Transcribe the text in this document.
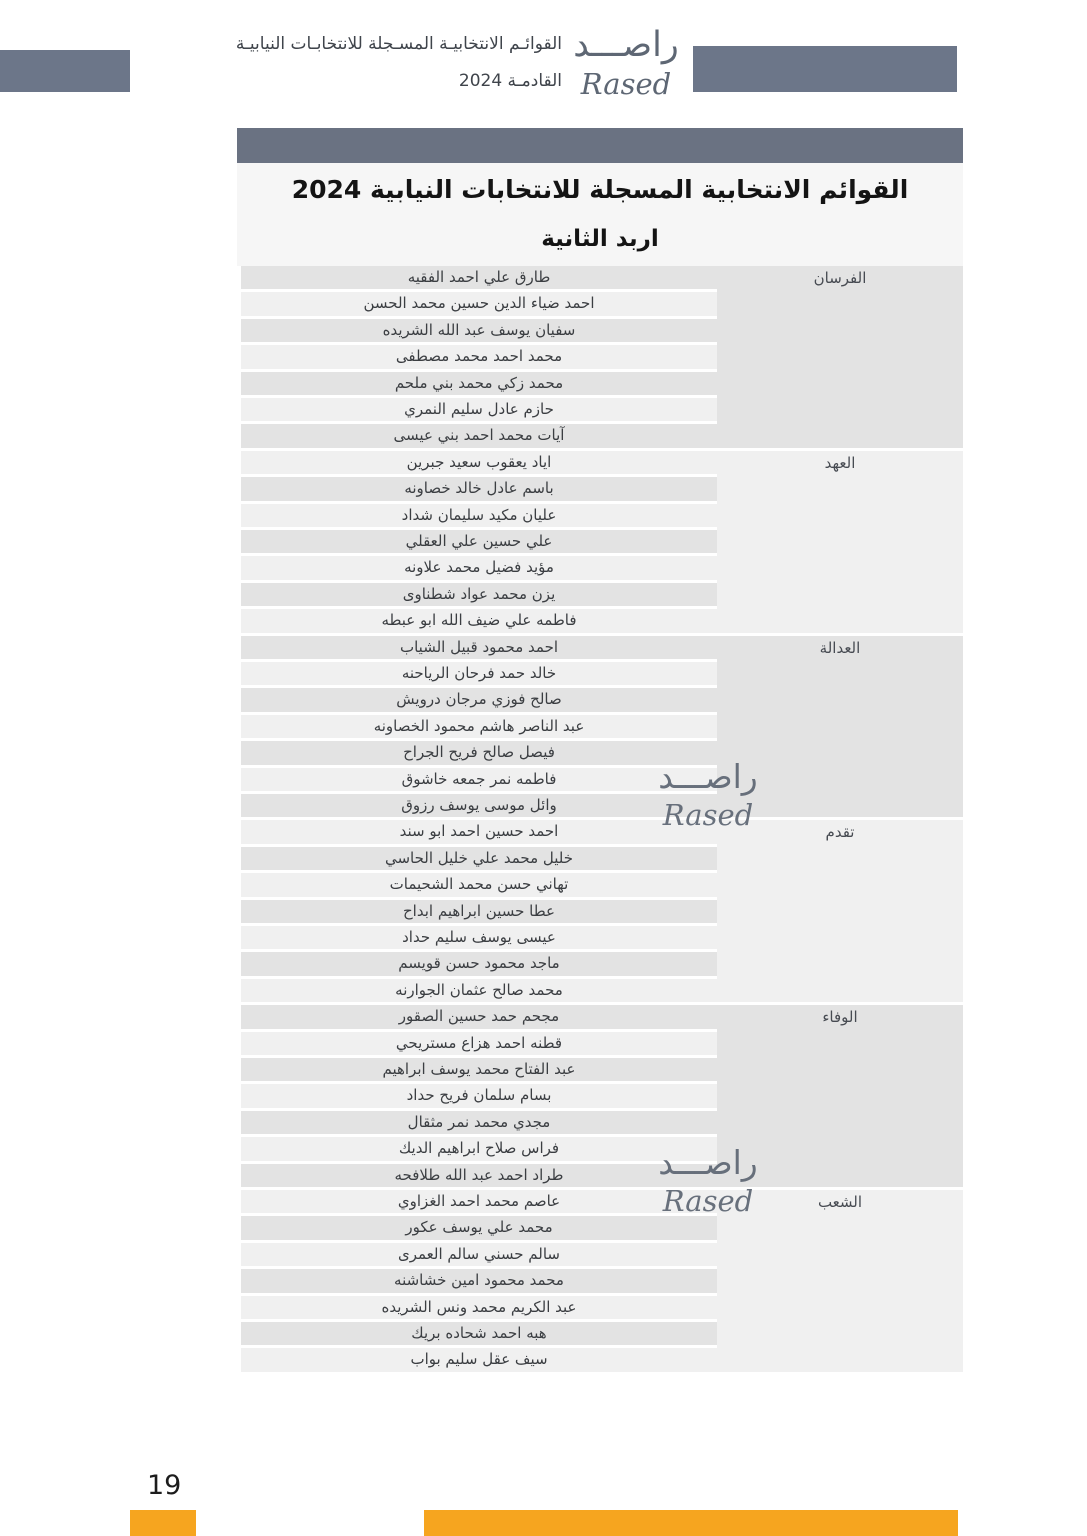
القوائـم الانتخابيـة المسـجلة للانتخابـات النيابيـة
القادمـة 2024
راصـــد
Rased
القوائم الانتخابية المسجلة للانتخابات النيابية 2024
اربد الثانية
طارق علي احمد الفقيه
احمد ضياء الدين حسين محمد الحسن
سفيان يوسف عبد الله الشريده
محمد احمد محمد مصطفى
محمد زكي محمد بني ملحم
حازم عادل سليم النمري
آيات محمد احمد بني عيسى
الفرسان
اياد يعقوب سعيد جبرين
باسم عادل خالد خصاونه
عليان مكيد سليمان شداد
علي حسين علي العقلي
مؤيد فضيل محمد علاونه
يزن محمد عواد شطناوى
فاطمه علي ضيف الله ابو عبطه
العهد
احمد محمود قبيل الشياب
خالد حمد فرحان الرياحنه
صالح فوزي مرجان درويش
عبد الناصر هاشم محمود الخصاونه
فيصل صالح فريح الجراح
فاطمه نمر جمعه خاشوق
وائل موسى يوسف رزوق
العدالة
احمد حسين احمد ابو سند
خليل محمد علي خليل الحاسي
تهاني حسن محمد الشحيمات
عطا حسين ابراهيم ابداح
عيسى يوسف سليم حداد
ماجد محمود حسن قويسم
محمد صالح عثمان الجوارنه
تقدم
مجحم حمد حسين الصقور
قطنه احمد هزاع مستريحي
عبد الفتاح محمد يوسف ابراهيم
بسام سلمان فريح حداد
مجدي محمد نمر مثقال
فراس صلاح ابراهيم الديك
طراد احمد عبد الله طلافحه
الوفاء
عاصم محمد احمد الغزاوي
محمد علي يوسف عكور
سالم حسني سالم العمرى
محمد محمود امين خشاشنه
عبد الكريم محمد ونس الشريده
هبه احمد شحاده بريك
سيف عقل سليم بواب
الشعب
راصـــد
Rased
راصـــد
Rased
19
